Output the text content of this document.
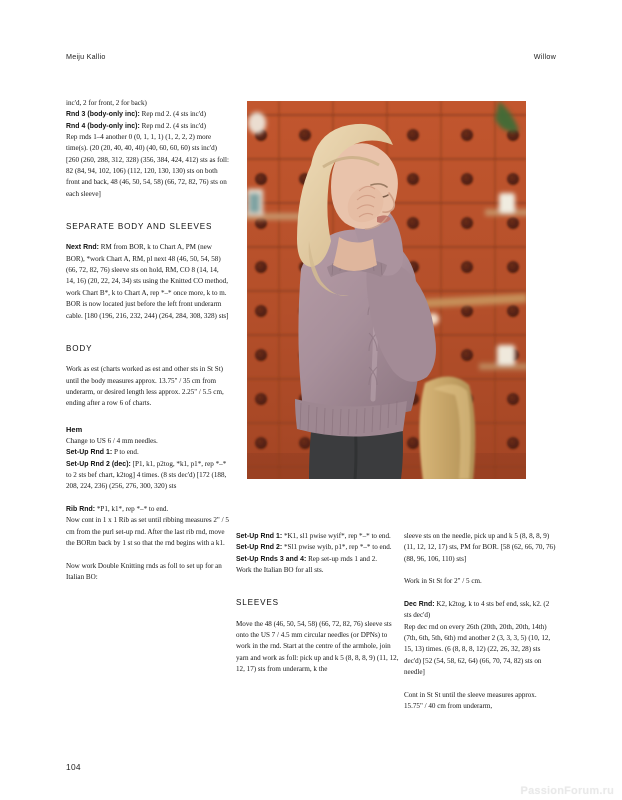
Meiju Kallio	Willow

inc'd, 2 for front, 2 for back)

Rnd 3 (body-only inc): Rep rnd 2. (4 sts inc'd)

Rnd 4 (body-only inc): Rep rnd 2. (4 sts inc'd)

Rep rnds 1–4 another 0 (0, 1, 1, 1) (1, 2, 2, 2) more time(s). (20 (20, 40, 40, 40) (40, 60, 60, 60) sts inc'd) [260 (260, 288, 312, 328) (356, 384, 424, 412) sts as foll: 82 (84, 94, 102, 106) (112, 120, 130, 130) sts on both front and back, 48 (46, 50, 54, 58) (66, 72, 82, 76) sts on each sleeve]

SEPARATE BODY AND SLEEVES

Next Rnd: RM from BOR, k to Chart A, PM (new BOR), *work Chart A, RM, pl next 48 (46, 50, 54, 58) (66, 72, 82, 76) sleeve sts on hold, RM, CO 8 (14, 14, 14, 16) (20, 22, 24, 34) sts using the Knitted CO method, work Chart B*, k to Chart A, rep *–* once more, k to m. BOR is now located just before the left front underarm cable. [180 (196, 216, 232, 244) (264, 284, 308, 328) sts]

BODY

Work as est (charts worked as est and other sts in St St) until the body measures approx. 13.75" / 35 cm from underarm, or desired length less approx. 2.25" / 5.5 cm, ending after a row 6 of charts.

Hem

Change to US 6 / 4 mm needles.

Set-Up Rnd 1: P to end.

Set-Up Rnd 2 (dec): [P1, k1, p2tog, *k1, p1*, rep *–* to 2 sts bef chart, k2tog] 4 times. (8 sts dec'd) [172 (188, 208, 224, 236) (256, 276, 300, 320) sts

Rib Rnd: *P1, k1*, rep *–* to end.

Now cont in 1 x 1 Rib as set until ribbing measures 2" / 5 cm from the purl set-up rnd. After the last rib rnd, move the BORm back by 1 st so that the rnd begins with a k1.

Now work Double Knitting rnds as foll to set up for an Italian BO:

Set-Up Rnd 1: *K1, sl1 pwise wyif*, rep *–* to end.

Set-Up Rnd 2: *Sl1 pwise wyib, p1*, rep *–* to end.

Set-Up Rnds 3 and 4: Rep set-up rnds 1 and 2.

Work the Italian BO for all sts.

SLEEVES

Move the 48 (46, 50, 54, 58) (66, 72, 82, 76) sleeve sts onto the US 7 / 4.5 mm circular needles (or DPNs) to work in the rnd. Start at the centre of the armhole, join yarn and work as foll: pick up and k 5 (8, 8, 8, 9) (11, 12, 12, 17) sts from underarm, k the

sleeve sts on the needle, pick up and k 5 (8, 8, 8, 9) (11, 12, 12, 17) sts, PM for BOR. [58 (62, 66, 70, 76) (88, 96, 106, 110) sts]

Work in St St for 2" / 5 cm.

Dec Rnd: K2, k2tog, k to 4 sts bef end, ssk, k2. (2 sts dec'd)

Rep dec rnd on every 26th (20th, 20th, 20th, 14th) (7th, 6th, 5th, 6th) rnd another 2 (3, 3, 3, 5) (10, 12, 15, 13) times. (6 (8, 8, 8, 12) (22, 26, 32, 28) sts dec'd) [52 (54, 58, 62, 64) (66, 70, 74, 82) sts on needle]

Cont in St St until the sleeve measures approx. 15.75" / 40 cm from underarm,

104
PassionForum.ru
